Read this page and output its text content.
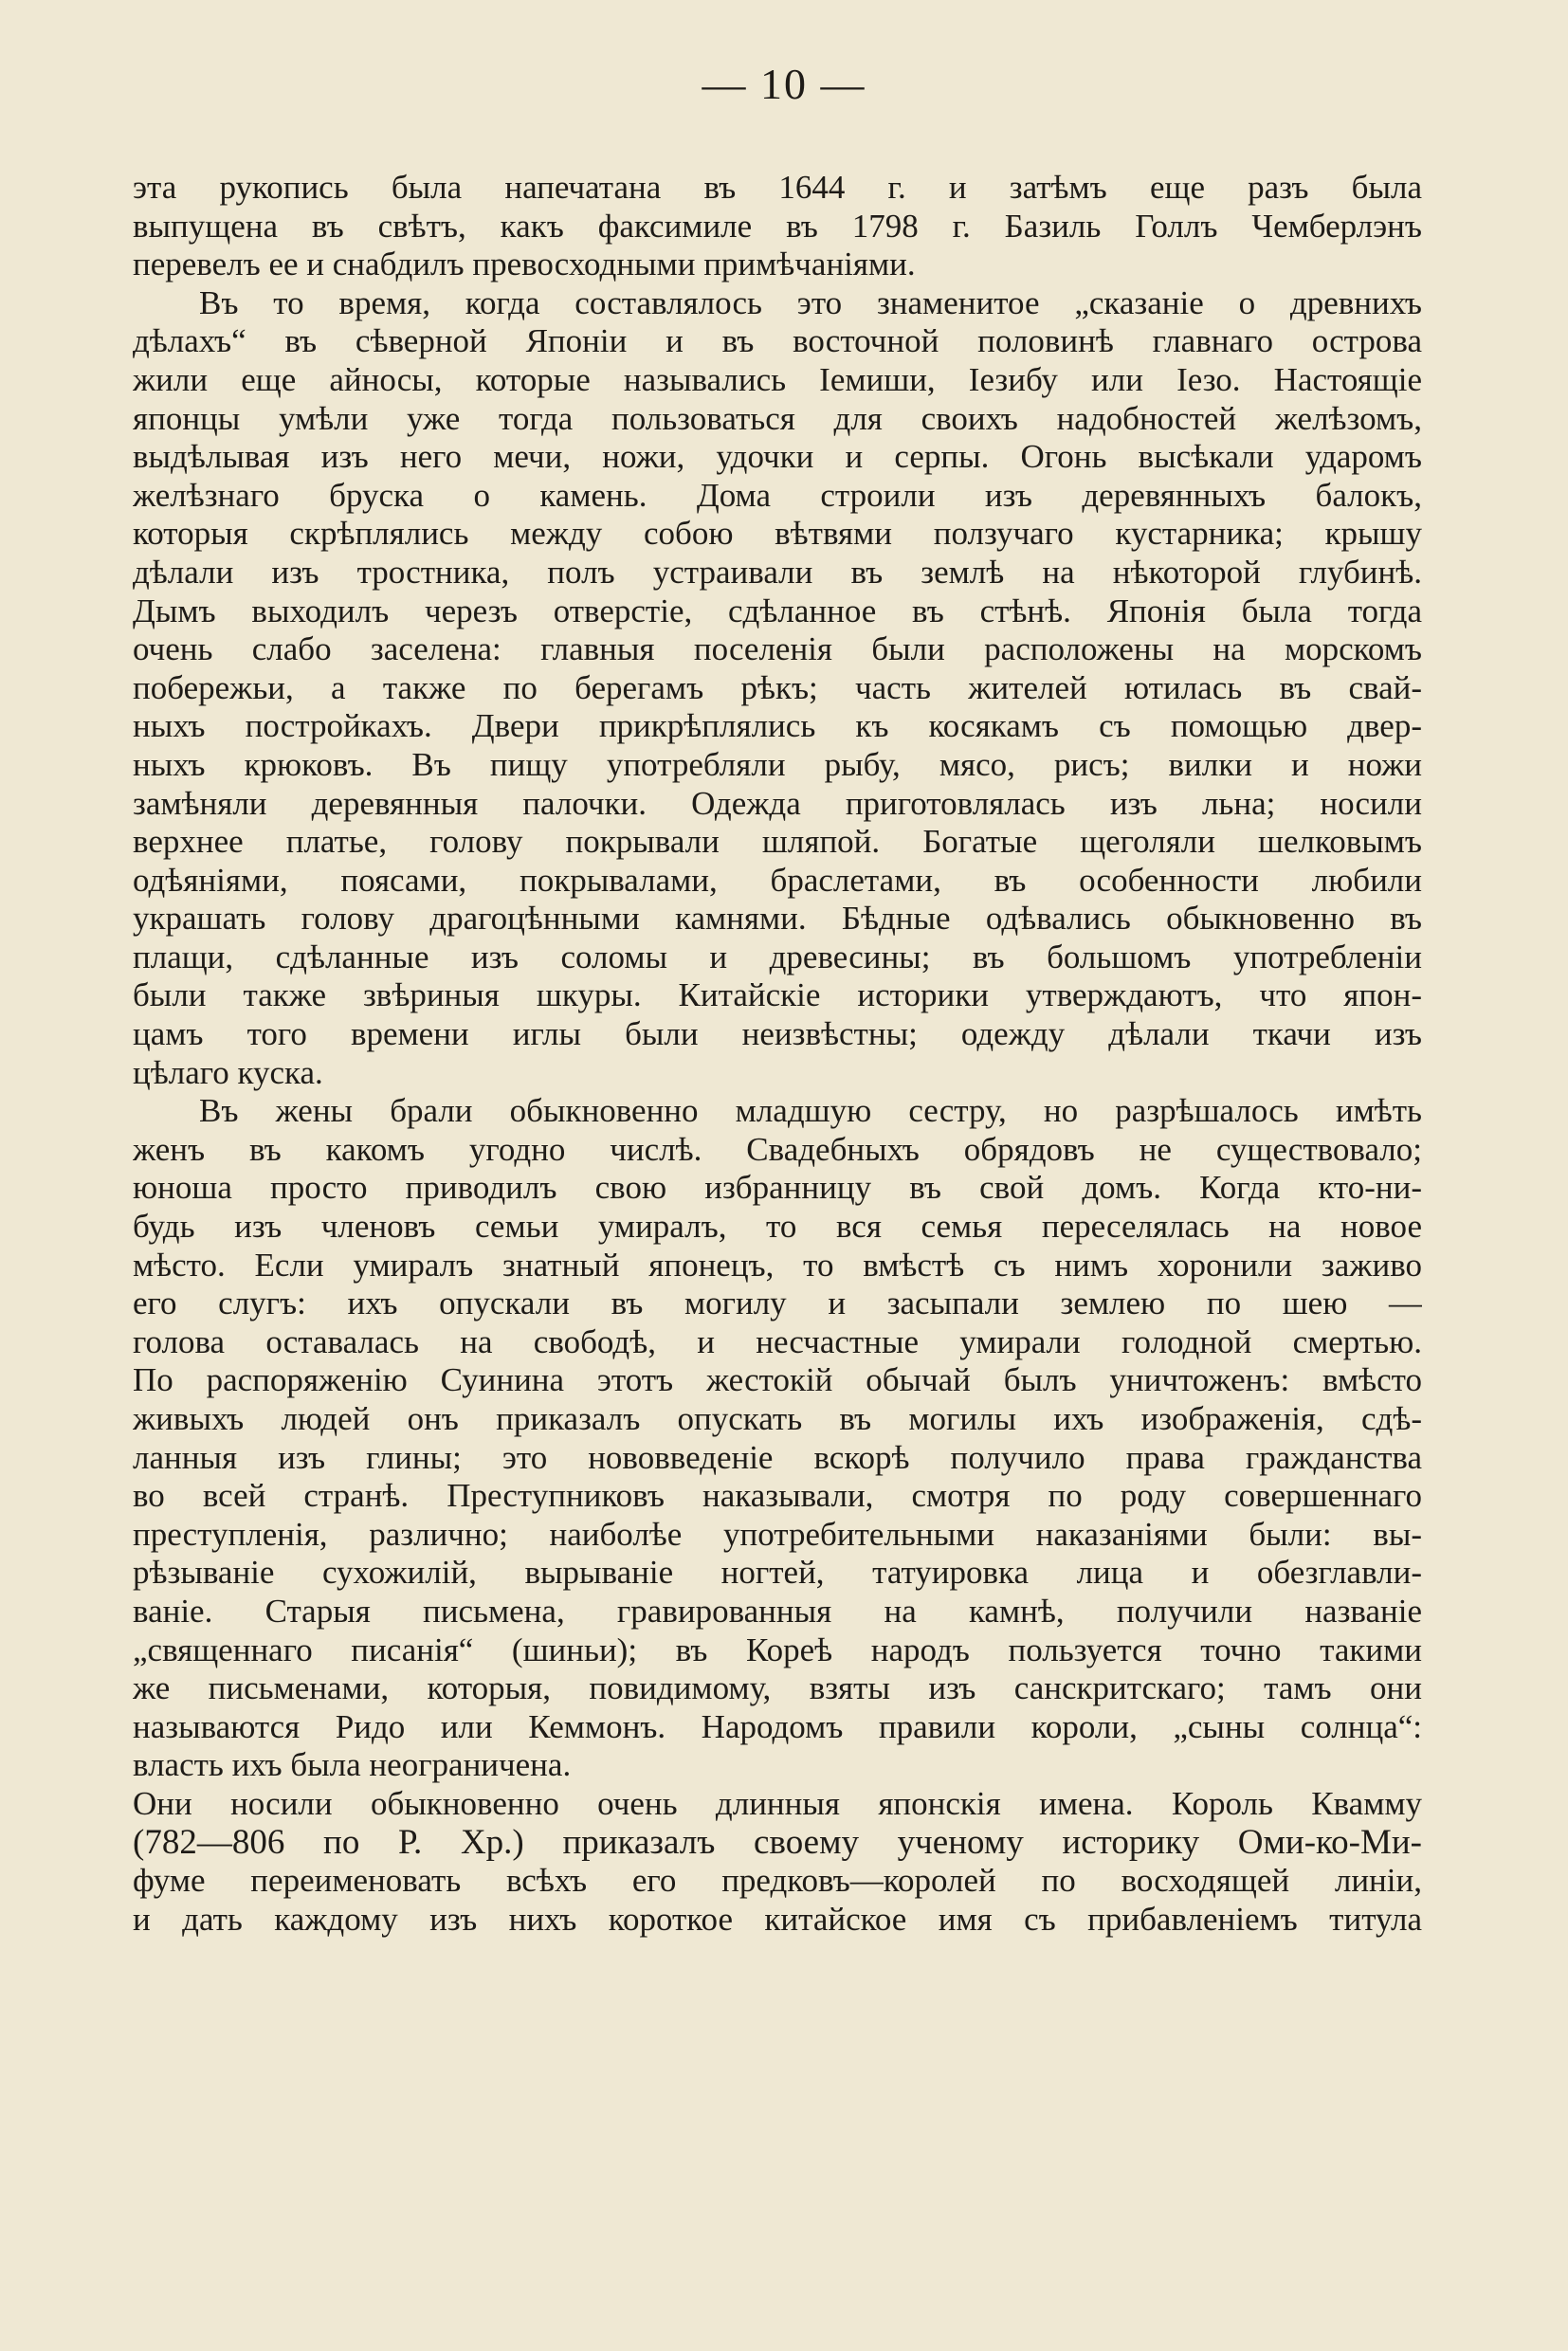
— 10 —
эта рукопись была напечатана въ 1644 г. и затѣмъ еще разъ была
выпущена въ свѣтъ, какъ факсимиле въ 1798 г. Базиль Голлъ Чемберлэнъ
перевелъ ее и снабдилъ превосходными примѣчаніями.
Въ то время, когда составлялось это знаменитое „сказаніе о древнихъ
дѣлахъ“ въ сѣверной Японіи и въ восточной половинѣ главнаго острова
жили еще айносы, которые назывались Іемиши, Іезибу или Іезо. Настоящіе
японцы умѣли уже тогда пользоваться для своихъ надобностей желѣзомъ,
выдѣлывая изъ него мечи, ножи, удочки и серпы. Огонь высѣкали ударомъ
желѣзнаго бруска о камень. Дома строили изъ деревянныхъ балокъ,
которыя скрѣплялись между собою вѣтвями ползучаго кустарника; крышу
дѣлали изъ тростника, полъ устраивали въ землѣ на нѣкоторой глубинѣ.
Дымъ выходилъ черезъ отверстіе, сдѣланное въ стѣнѣ. Японія была тогда
очень слабо заселена: главныя поселенія были расположены на морскомъ
побережьи, а также по берегамъ рѣкъ; часть жителей ютилась въ свай-
ныхъ постройкахъ. Двери прикрѣплялись къ косякамъ съ помощью двер-
ныхъ крюковъ. Въ пищу употребляли рыбу, мясо, рисъ; вилки и ножи
замѣняли деревянныя палочки. Одежда приготовлялась изъ льна; носили
верхнее платье, голову покрывали шляпой. Богатые щеголяли шелковымъ
одѣяніями, поясами, покрывалами, браслетами, въ особенности любили
украшать голову драгоцѣнными камнями. Бѣдные одѣвались обыкновенно въ
плащи, сдѣланные изъ соломы и древесины; въ большомъ употребленіи
были также звѣриныя шкуры. Китайскіе историки утверждаютъ, что япон-
цамъ того времени иглы были неизвѣстны; одежду дѣлали ткачи изъ
цѣлаго куска.
Въ жены брали обыкновенно младшую сестру, но разрѣшалось имѣть
женъ въ какомъ угодно числѣ. Свадебныхъ обрядовъ не существовало;
юноша просто приводилъ свою избранницу въ свой домъ. Когда кто-ни-
будь изъ членовъ семьи умиралъ, то вся семья переселялась на новое
мѣсто. Если умиралъ знатный японецъ, то вмѣстѣ съ нимъ хоронили заживо
его слугъ: ихъ опускали въ могилу и засыпали землею по шею —
голова оставалась на свободѣ, и несчастные умирали голодной смертью.
По распоряженію Суинина этотъ жестокій обычай былъ уничтоженъ: вмѣсто
живыхъ людей онъ приказалъ опускать въ могилы ихъ изображенія, сдѣ-
ланныя изъ глины; это нововведеніе вскорѣ получило права гражданства
во всей странѣ. Преступниковъ наказывали, смотря по роду совершеннаго
преступленія, различно; наиболѣе употребительными наказаніями были: вы-
рѣзываніе сухожилій, вырываніе ногтей, татуировка лица и обезглавли-
ваніе. Старыя письмена, гравированныя на камнѣ, получили названіе
„священнаго писанія“ (шиньи); въ Кореѣ народъ пользуется точно такими
же письменами, которыя, повидимому, взяты изъ санскритскаго; тамъ они
называются Ридо или Кеммонъ. Народомъ правили короли, „сыны солнца“:
власть ихъ была неограничена.
Они носили обыкновенно очень длинныя японскія имена. Король Квамму
(782—806 по Р. Хр.) приказалъ своему ученому историку Оми-ко-Ми-
фуме переименовать всѣхъ его предковъ—королей по восходящей линіи,
и дать каждому изъ нихъ короткое китайское имя съ прибавленіемъ титула
